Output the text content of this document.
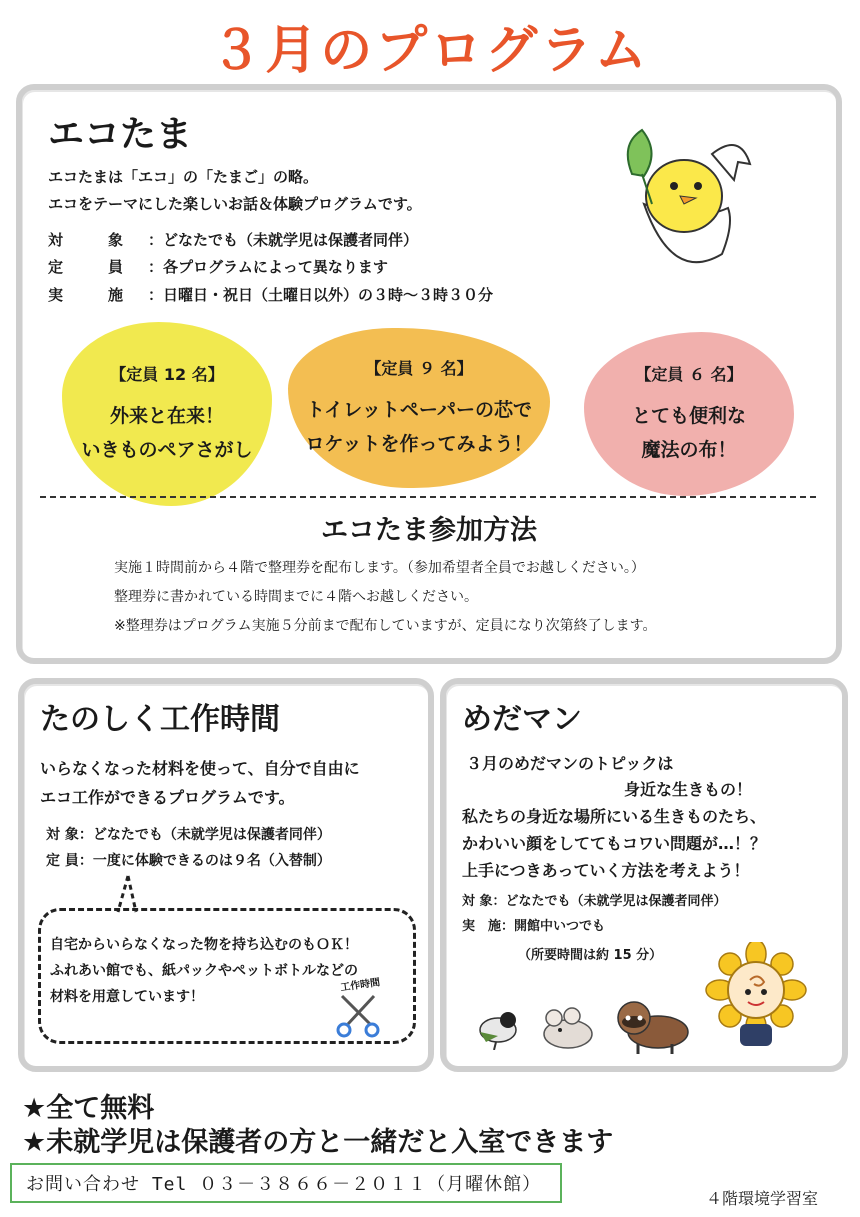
３月のプログラム
エコたま
エコたまは「エコ」の「たまご」の略。
エコをテーマにした楽しいお話＆体験プログラムです。
対　　　象 ：どなたでも（未就学児は保護者同伴）
定　　　員 ：各プログラムによって異なります
実　　　施 ：日曜日・祝日（土曜日以外）の３時～３時３０分
【定員 12 名】
外来と在来！
いきものペアさがし
【定員 ９ 名】
トイレットペーパーの芯で
ロケットを作ってみよう！
【定員 ６ 名】
とても便利な
魔法の布！
エコたま参加方法
実施１時間前から４階で整理券を配布します。（参加希望者全員でお越しください。）
整理券に書かれている時間までに４階へお越しください。
※整理券はプログラム実施５分前まで配布していますが、定員になり次第終了します。
たのしく工作時間
いらなくなった材料を使って、自分で自由に
エコ工作ができるプログラムです。
対 象：どなたでも（未就学児は保護者同伴）
定 員：一度に体験できるのは９名（入替制）
自宅からいらなくなった物を持ち込むのもＯＫ！
ふれあい館でも、紙パックやペットボトルなどの
材料を用意しています！
工作時間
めだマン
３月のめだマンのトピックは
身近な生きもの！
私たちの身近な場所にいる生きものたち、
かわいい顔をしててもコワい問題が…！？
上手につきあっていく方法を考えよう！
対 象：どなたでも（未就学児は保護者同伴）
実　施：開館中いつでも
（所要時間は約 15 分）
★全て無料
★未就学児は保護者の方と一緒だと入室できます
お問い合わせ Tel ０３－３８６６－２０１１（月曜休館）
４階環境学習室
